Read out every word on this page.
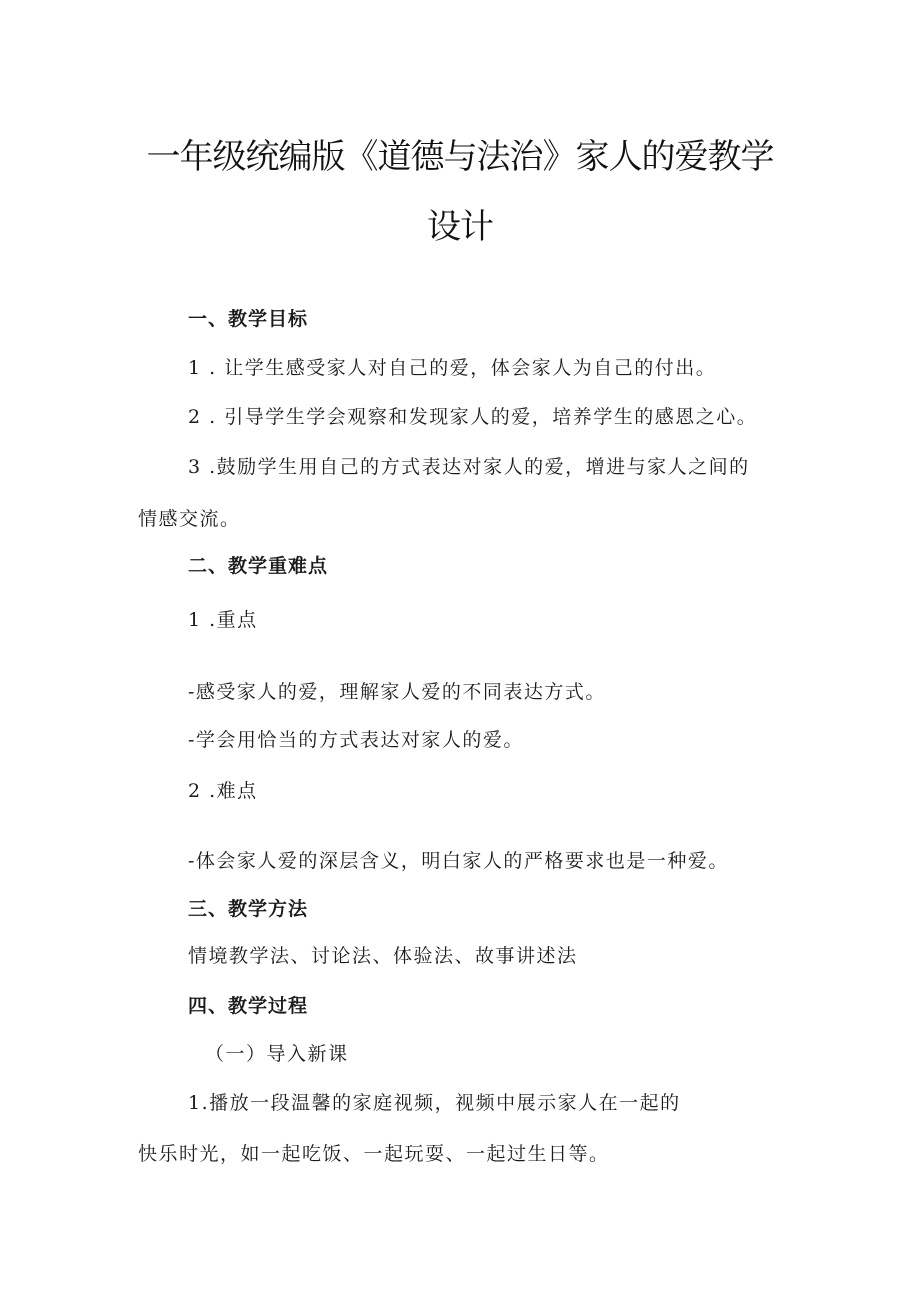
一年级统编版《道德与法治》家人的爱教学
设计
一、教学目标
1 . 让学生感受家人对自己的爱，体会家人为自己的付出。
2 . 引导学生学会观察和发现家人的爱，培养学生的感恩之心。
3 .鼓励学生用自己的方式表达对家人的爱，增进与家人之间的
情感交流。
二、教学重难点
1 .重点
-感受家人的爱，理解家人爱的不同表达方式。
-学会用恰当的方式表达对家人的爱。
2 .难点
-体会家人爱的深层含义，明白家人的严格要求也是一种爱。
三、教学方法
情境教学法、讨论法、体验法、故事讲述法
四、教学过程
（一）导入新课
1.播放一段温馨的家庭视频，视频中展示家人在一起的
快乐时光，如一起吃饭、一起玩耍、一起过生日等。
